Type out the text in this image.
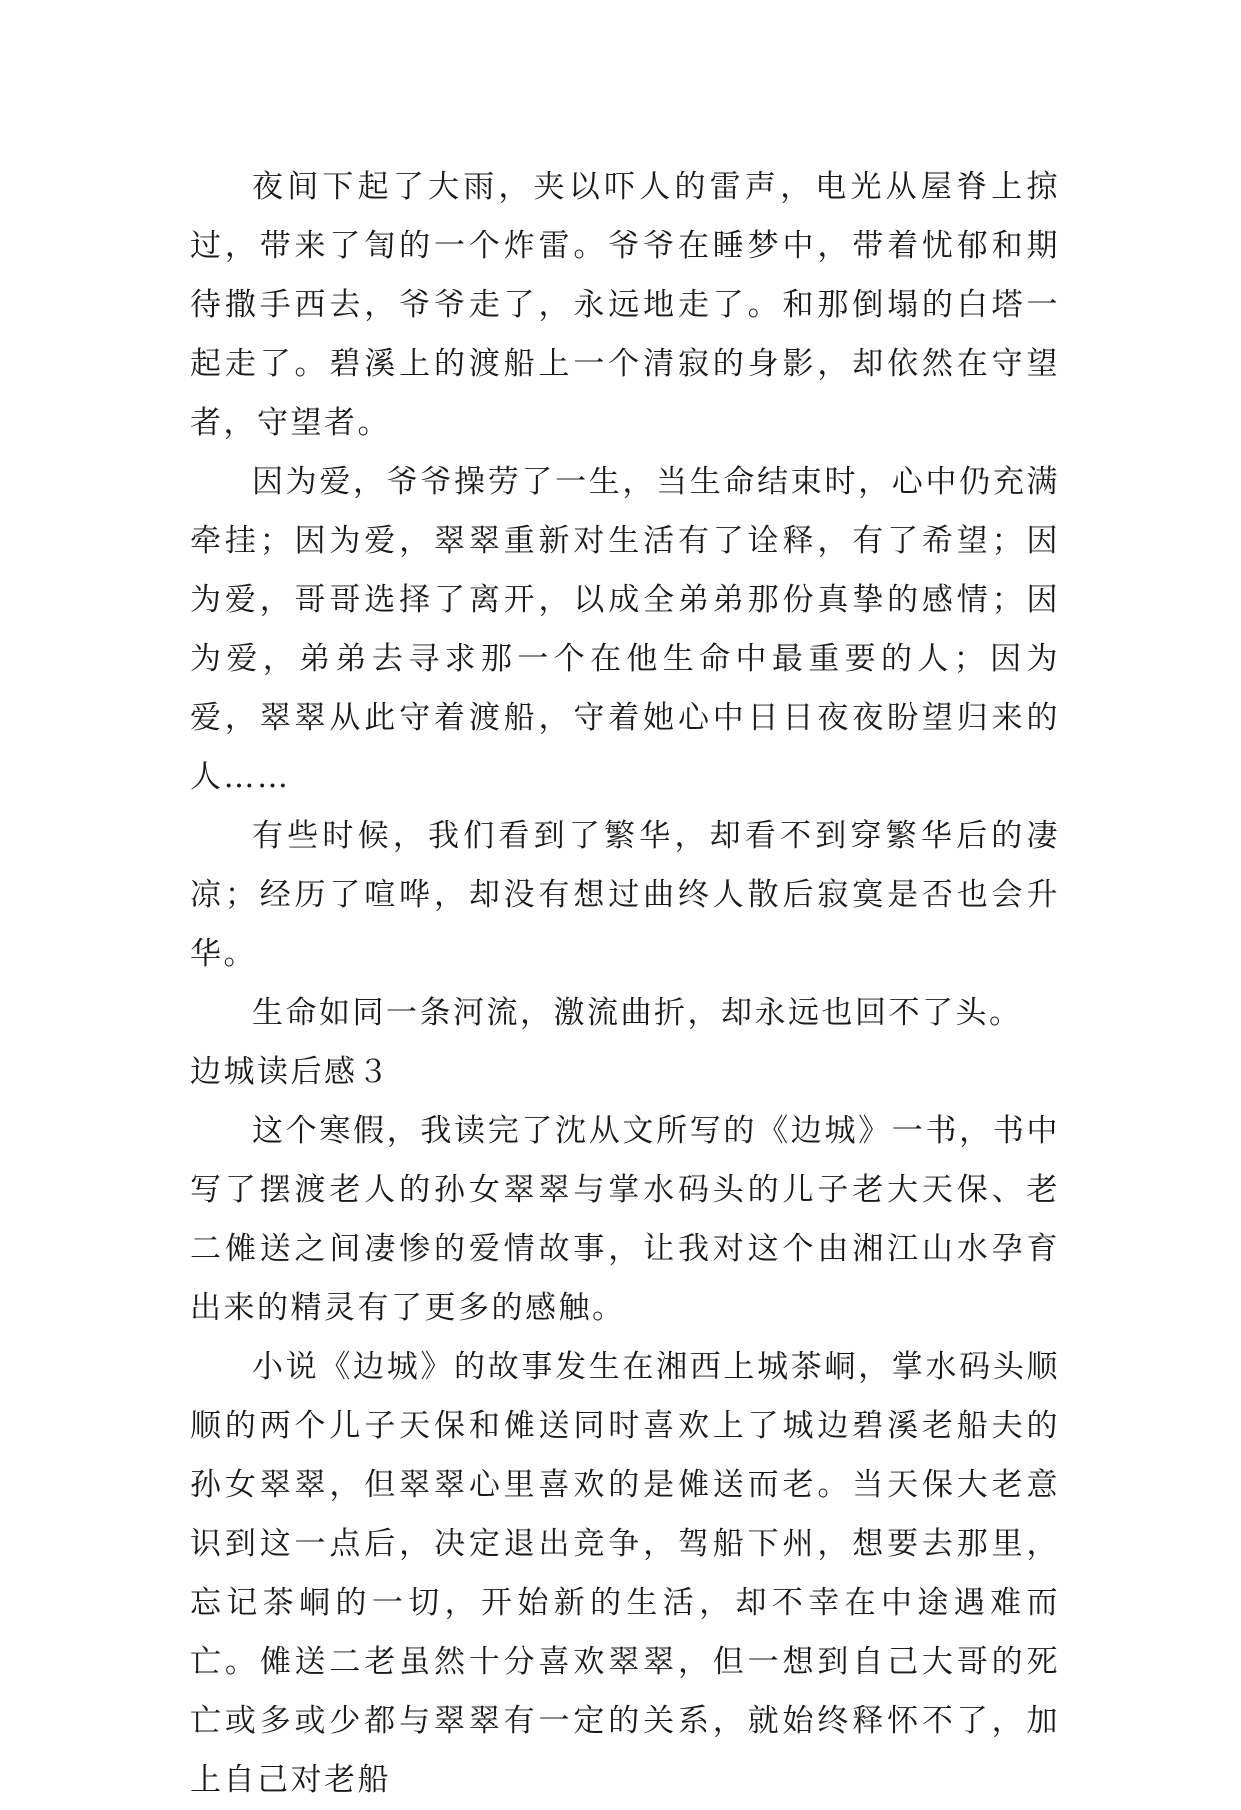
夜间下起了大雨，夹以吓人的雷声，电光从屋脊上掠过，带来了訇的一个炸雷。爷爷在睡梦中，带着忧郁和期待撒手西去，爷爷走了，永远地走了。和那倒塌的白塔一起走了。碧溪上的渡船上一个清寂的身影，却依然在守望者，守望者。

因为爱，爷爷操劳了一生，当生命结束时，心中仍充满牵挂；因为爱，翠翠重新对生活有了诠释，有了希望；因为爱，哥哥选择了离开，以成全弟弟那份真挚的感情；因为爱，弟弟去寻求那一个在他生命中最重要的人；因为爱，翠翠从此守着渡船，守着她心中日日夜夜盼望归来的人……

有些时候，我们看到了繁华，却看不到穿繁华后的凄凉；经历了喧哗，却没有想过曲终人散后寂寞是否也会升华。

生命如同一条河流，激流曲折，却永远也回不了头。

边城读后感３

这个寒假，我读完了沈从文所写的《边城》一书，书中写了摆渡老人的孙女翠翠与掌水码头的儿子老大天保、老二傩送之间凄惨的爱情故事，让我对这个由湘江山水孕育出来的精灵有了更多的感触。

小说《边城》的故事发生在湘西上城茶峒，掌水码头顺顺的两个儿子天保和傩送同时喜欢上了城边碧溪老船夫的孙女翠翠，但翠翠心里喜欢的是傩送而老。当天保大老意识到这一点后，决定退出竞争，驾船下州，想要去那里，忘记茶峒的一切，开始新的生活，却不幸在中途遇难而亡。傩送二老虽然十分喜欢翠翠，但一想到自己大哥的死亡或多或少都与翠翠有一定的关系，就始终释怀不了，加上自己对老船
